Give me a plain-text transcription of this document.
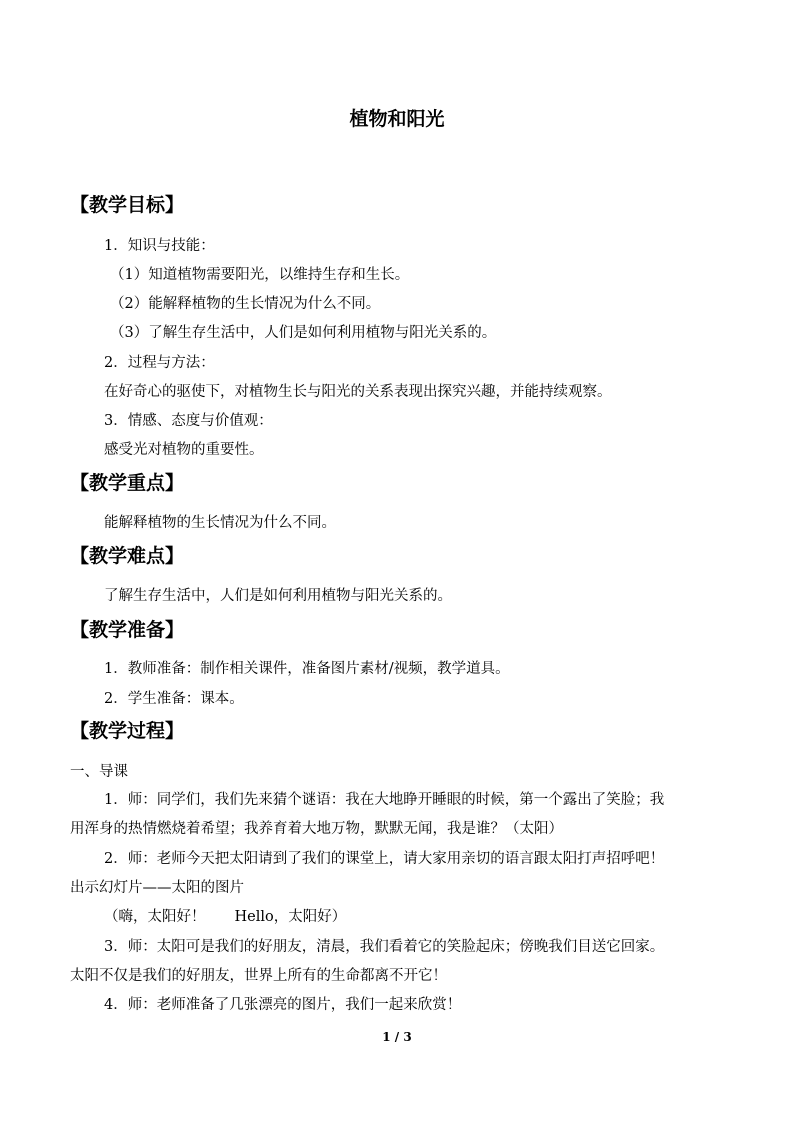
植物和阳光
【教学目标】
1．知识与技能：
（1）知道植物需要阳光，以维持生存和生长。
（2）能解释植物的生长情况为什么不同。
（3）了解生存生活中，人们是如何利用植物与阳光关系的。
2．过程与方法：
在好奇心的驱使下，对植物生长与阳光的关系表现出探究兴趣，并能持续观察。
3．情感、态度与价值观：
感受光对植物的重要性。
【教学重点】
能解释植物的生长情况为什么不同。
【教学难点】
了解生存生活中，人们是如何利用植物与阳光关系的。
【教学准备】
1．教师准备：制作相关课件，准备图片素材/视频，教学道具。
2．学生准备：课本。
【教学过程】
一、导课
1．师：同学们，我们先来猜个谜语：我在大地睁开睡眼的时候，第一个露出了笑脸；我
用浑身的热情燃烧着希望；我养育着大地万物，默默无闻，我是谁？（太阳）
2．师：老师今天把太阳请到了我们的课堂上，请大家用亲切的语言跟太阳打声招呼吧！
出示幻灯片——太阳的图片
（嗨，太阳好！　　Hello，太阳好）
3．师：太阳可是我们的好朋友，清晨，我们看着它的笑脸起床；傍晚我们目送它回家。
太阳不仅是我们的好朋友，世界上所有的生命都离不开它！
4．师：老师准备了几张漂亮的图片，我们一起来欣赏！
1 / 3
